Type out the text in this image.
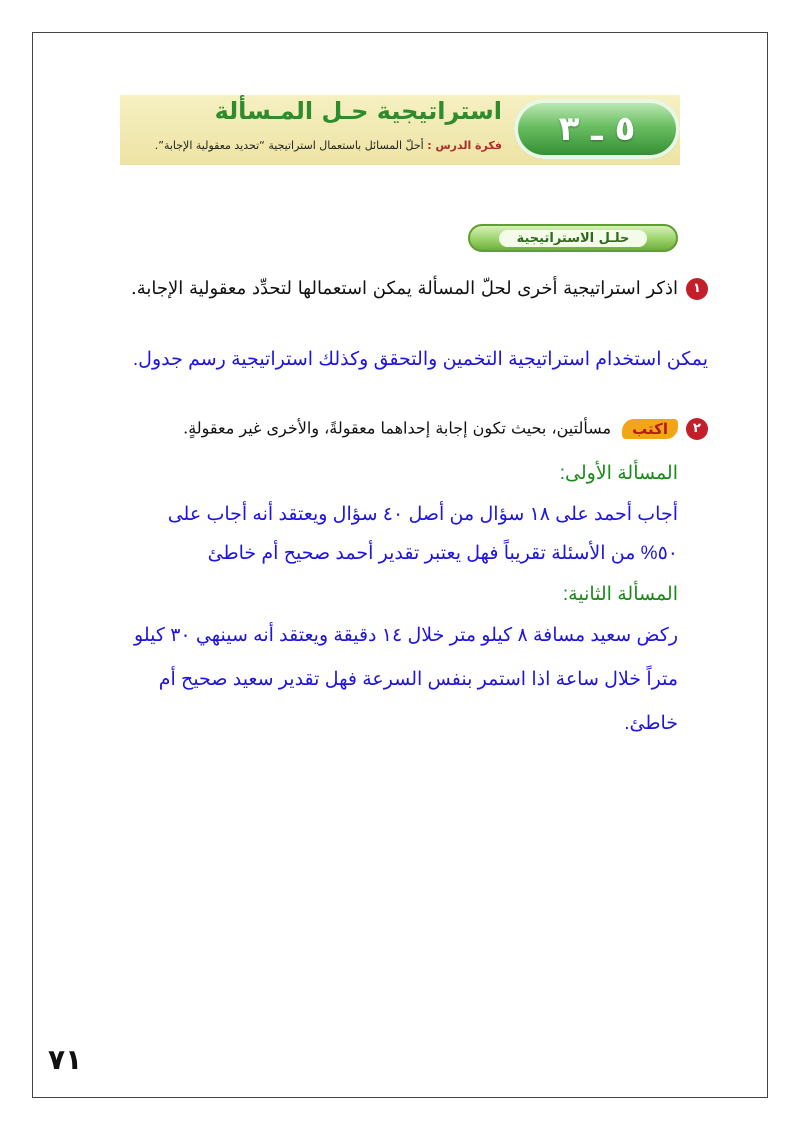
٥ ـ ٣
استراتيجية حـل المـسألة
فكرة الدرس : أحلّ المسائل باستعمال استراتيجية “تحديد معقولية الإجابة”.
حلـل الاستراتيجية
١اذكر استراتيجية أخرى لحلّ المسألة يمكن استعمالها لتحدِّد معقولية الإجابة.
يمكن استخدام استراتيجية التخمين والتحقق وكذلك استراتيجية رسم جدول.
٢اكتب مسألتين، بحيث تكون إجابة إحداهما معقولةً، والأخرى غير معقولةٍ.
المسألة الأولى:
أجاب أحمد على ١٨ سؤال من أصل ٤٠ سؤال ويعتقد أنه أجاب على
٥٠% من الأسئلة تقريباً فهل يعتبر تقدير أحمد صحيح أم خاطئ
المسألة الثانية:
ركض سعيد مسافة ٨ كيلو متر خلال ١٤ دقيقة ويعتقد أنه سينهي ٣٠ كيلو
متراً خلال ساعة اذا استمر بنفس السرعة فهل تقدير سعيد صحيح أم
خاطئ.
٧١
